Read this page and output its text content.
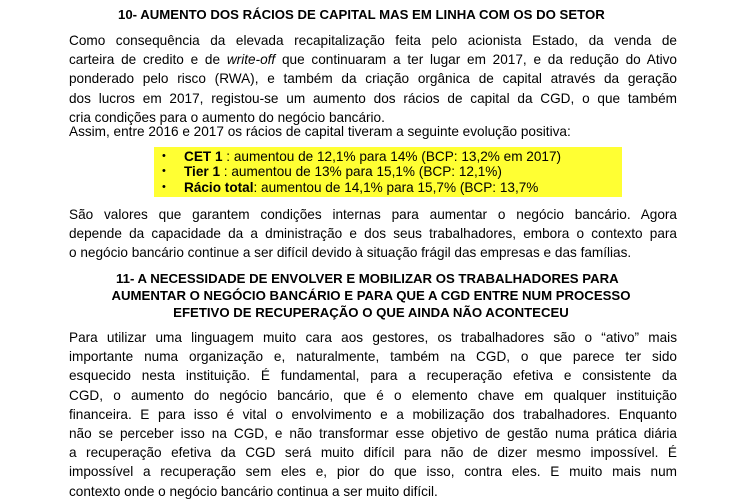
10- AUMENTO DOS RÁCIOS DE CAPITAL MAS EM LINHA COM OS DO SETOR
Como consequência da elevada recapitalização feita pelo acionista Estado, da venda de
carteira de credito e de write-off que continuaram a ter lugar em 2017, e da redução do Ativo
ponderado pelo risco (RWA), e também da criação orgânica de capital através da geração
dos lucros em 2017, registou-se um aumento dos rácios de capital da CGD, o que também
cria condições para o aumento do negócio bancário.
Assim, entre 2016 e 2017 os rácios de capital tiveram a seguinte evolução positiva:
• CET 1 : aumentou de 12,1% para 14% (BCP: 13,2% em 2017)
• Tier 1 : aumentou de 13% para 15,1% (BCP: 12,1%)
• Rácio total: aumentou de 14,1% para 15,7% (BCP: 13,7%
São valores que garantem condições internas para aumentar o negócio bancário. Agora
depende da capacidade da a dministração e dos seus trabalhadores, embora o contexto para
o negócio bancário continue a ser difícil devido à situação frágil das empresas e das famílias.
11- A NECESSIDADE DE ENVOLVER E MOBILIZAR OS TRABALHADORES PARA
AUMENTAR O NEGÓCIO BANCÁRIO E PARA QUE A CGD ENTRE NUM PROCESSO
EFETIVO DE RECUPERAÇÃO O QUE AINDA NÃO ACONTECEU
Para utilizar uma linguagem muito cara aos gestores, os trabalhadores são o “ativo” mais
importante numa organização e, naturalmente, também na CGD, o que parece ter sido
esquecido nesta instituição. É fundamental, para a recuperação efetiva e consistente da
CGD, o aumento do negócio bancário, que é o elemento chave em qualquer instituição
financeira. E para isso é vital o envolvimento e a mobilização dos trabalhadores. Enquanto
não se perceber isso na CGD, e não transformar esse objetivo de gestão numa prática diária
a recuperação efetiva da CGD será muito difícil para não de dizer mesmo impossível. É
impossível a recuperação sem eles e, pior do que isso, contra eles. E muito mais num
contexto onde o negócio bancário continua a ser muito difícil.
